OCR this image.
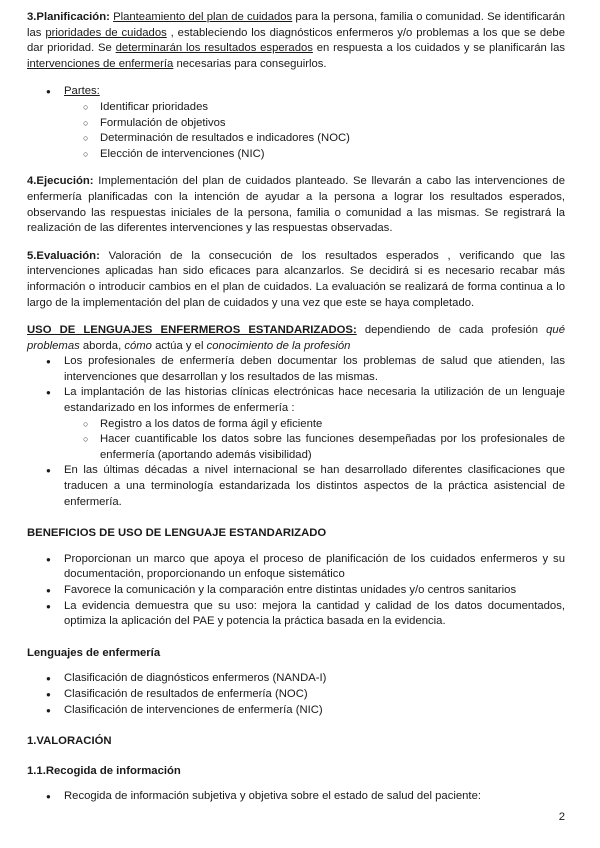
3.Planificación: Planteamiento del plan de cuidados para la persona, familia o comunidad. Se identificarán las prioridades de cuidados , estableciendo los diagnósticos enfermeros y/o problemas a los que se debe dar prioridad. Se determinarán los resultados esperados en respuesta a los cuidados y se planificarán las intervenciones de enfermería necesarias para conseguirlos.

● Partes:
○ Identificar prioridades
○ Formulación de objetivos
○ Determinación de resultados e indicadores (NOC)
○ Elección de intervenciones (NIC)

4.Ejecución: Implementación del plan de cuidados planteado. Se llevarán a cabo las intervenciones de enfermería planificadas con la intención de ayudar a la persona a lograr los resultados esperados, observando las respuestas iniciales de la persona, familia o comunidad a las mismas. Se registrará la realización de las diferentes intervenciones y las respuestas observadas.

5.Evaluación: Valoración de la consecución de los resultados esperados , verificando que las intervenciones aplicadas han sido eficaces para alcanzarlos. Se decidirá si es necesario recabar más información o introducir cambios en el plan de cuidados. La evaluación se realizará de forma continua a lo largo de la implementación del plan de cuidados y una vez que este se haya completado.

USO DE LENGUAJES ENFERMEROS ESTANDARIZADOS: dependiendo de cada profesión qué problemas aborda, cómo actúa y el conocimiento de la profesión

● Los profesionales de enfermería deben documentar los problemas de salud que atienden, las intervenciones que desarrollan y los resultados de las mismas.
● La implantación de las historias clínicas electrónicas hace necesaria la utilización de un lenguaje estandarizado en los informes de enfermería :
○ Registro a los datos de forma ágil y eficiente
○ Hacer cuantificable los datos sobre las funciones desempeñadas por los profesionales de enfermería (aportando además visibilidad)
● En las últimas décadas a nivel internacional se han desarrollado diferentes clasificaciones que traducen a una terminología estandarizada los distintos aspectos de la práctica asistencial de enfermería.

BENEFICIOS DE USO DE LENGUAJE ESTANDARIZADO

● Proporcionan un marco que apoya el proceso de planificación de los cuidados enfermeros y su documentación, proporcionando un enfoque sistemático
● Favorece la comunicación y la comparación entre distintas unidades y/o centros sanitarios
● La evidencia demuestra que su uso: mejora la cantidad y calidad de los datos documentados, optimiza la aplicación del PAE y potencia la práctica basada en la evidencia.

Lenguajes de enfermería

● Clasificación de diagnósticos enfermeros (NANDA-I)
● Clasificación de resultados de enfermería (NOC)
● Clasificación de intervenciones de enfermería (NIC)

1.VALORACIÓN

1.1.Recogida de información

● Recogida de información subjetiva y objetiva sobre el estado de salud del paciente:
2
